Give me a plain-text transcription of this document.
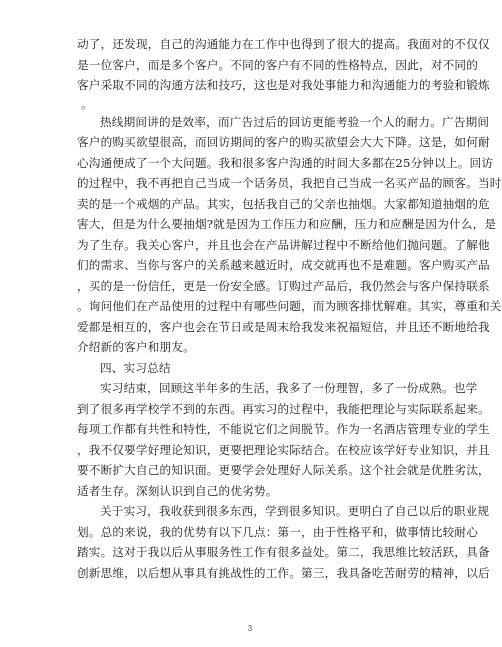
动了，还发现，自己的沟通能力在工作中也得到了很大的提高。我面对的不仅仅
是一位客户，而是多个客户。不同的客户有不同的性格特点，因此，对不同的
客户采取不同的沟通方法和技巧，这也是对我处事能力和沟通能力的考验和锻炼
。
热线期间讲的是效率，而广告过后的回访更能考验一个人的耐力。广告期间
客户的购买欲望很高，而回访期间的客户的购买欲望会大大下降。这是，如何耐
心沟通便成了一个大问题。我和很多客户沟通的时间大多都在25分钟以上。回访
的过程中，我不再把自己当成一个话务员，我把自己当成一名买产品的顾客。当时
卖的是一个戒烟的产品。其实，包括我自己的父亲也抽烟。大家都知道抽烟的危
害大，但是为什么要抽烟?就是因为工作压力和应酬，压力和应酬是因为什么，是
为了生存。我关心客户，并且也会在产品讲解过程中不断给他们抛问题。了解他
们的需求、当你与客户的关系越来越近时，成交就再也不是难题。客户购买产品
，买的是一份信任，更是一份安全感。订购过产品后，我仍然会与客户保持联系
。询问他们在产品使用的过程中有哪些问题，而为顾客排忧解难。其实，尊重和关
爱都是相互的，客户也会在节日或是周末给我发来祝福短信，并且还不断地给我
介绍新的客户和朋友。
四、实习总结
实习结束，回顾这半年多的生活，我多了一份理智，多了一份成熟。也学
到了很多再学校学不到的东西。再实习的过程中，我能把理论与实际联系起来。
每项工作都有共性和特性，不能说它们之间脱节。作为一名酒店管理专业的学生
，我不仅要学好理论知识，更要把理论实际结合。在校应该学好专业知识，并且
要不断扩大自己的知识面。更要学会处理好人际关系。这个社会就是优胜劣汰，
适者生存。深刻认识到自己的优劣势。
关于实习，我收获到很多东西，学到很多知识。更明白了自己以后的职业规
划。总的来说，我的优势有以下几点：第一，由于性格平和，做事情比较耐心
踏实。这对于我以后从事服务性工作有很多益处。第二，我思维比较活跃，具备
创新思维，以后想从事具有挑战性的工作。第三，我具备吃苦耐劳的精神，以后
3
